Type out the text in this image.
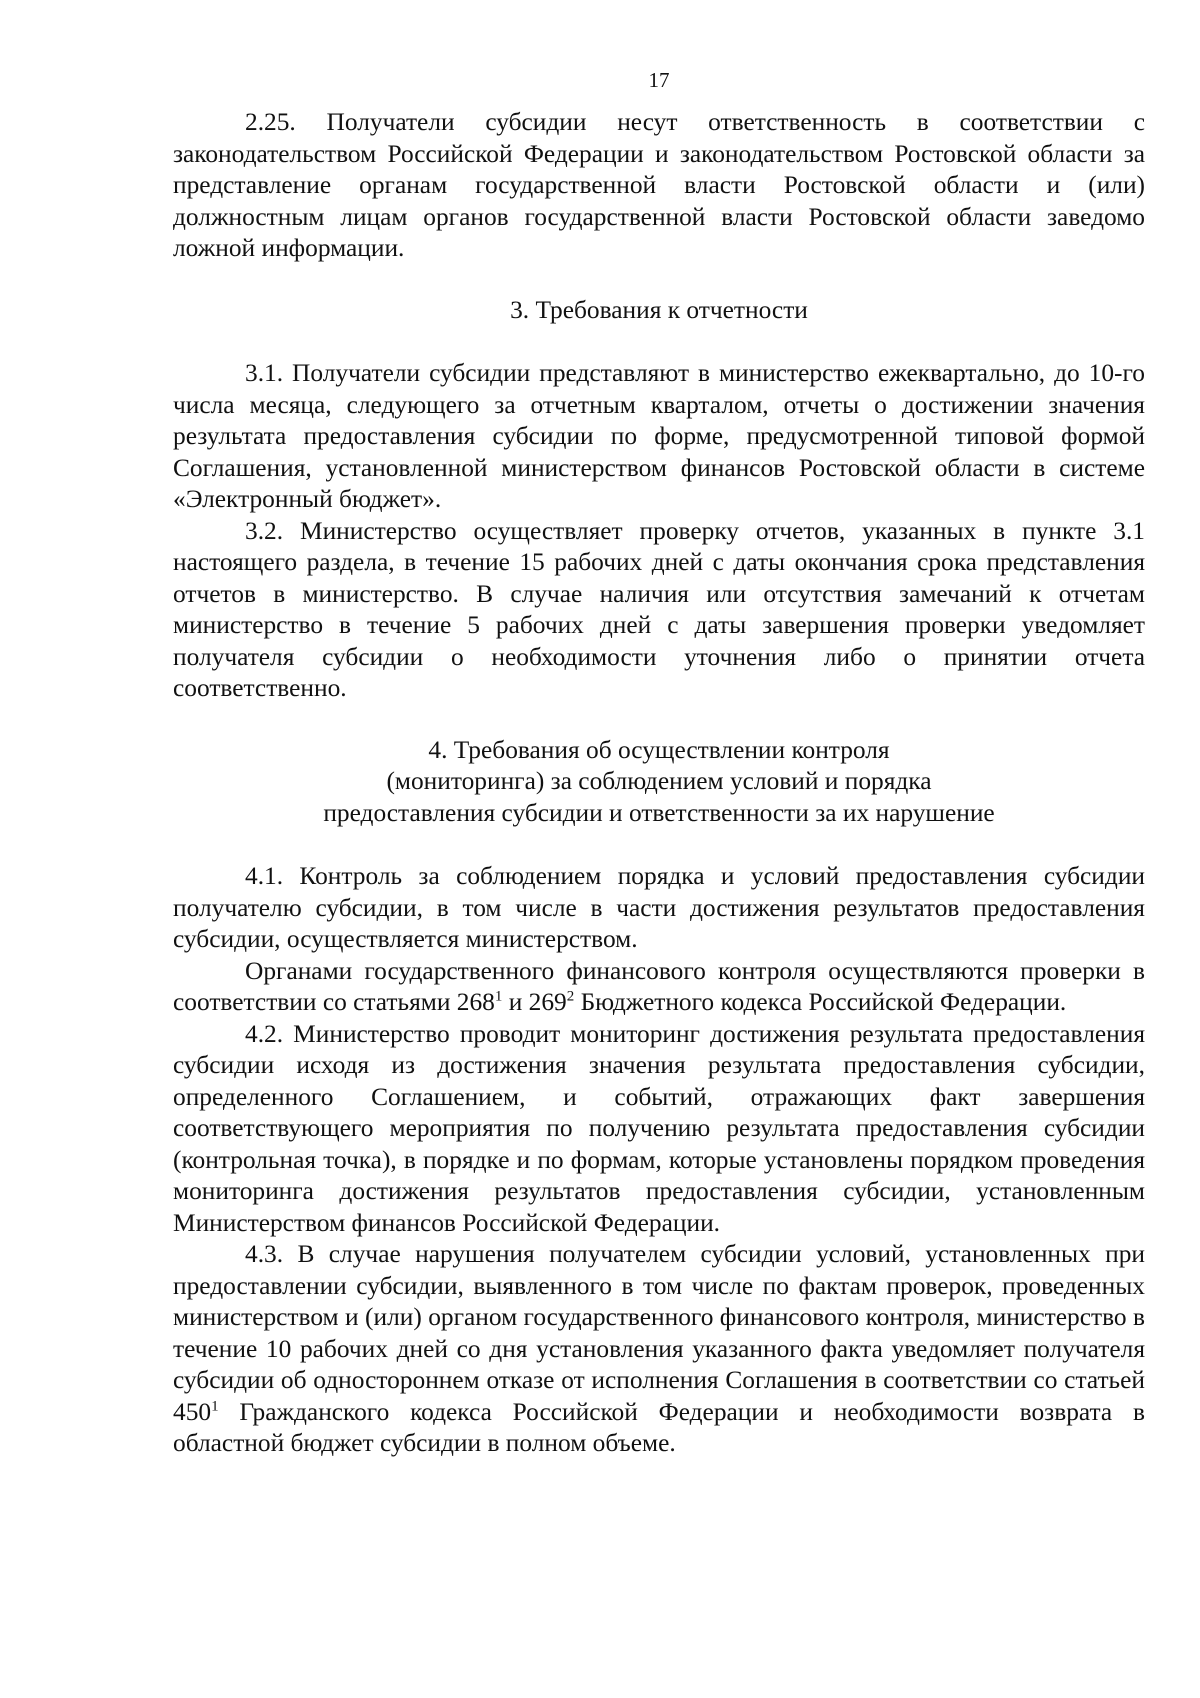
17

2.25. Получатели субсидии несут ответственность в соответствии с законодательством Российской Федерации и законодательством Ростовской области за представление органам государственной власти Ростовской области и (или) должностным лицам органов государственной власти Ростовской области заведомо ложной информации.

3. Требования к отчетности

3.1. Получатели субсидии представляют в министерство ежеквартально, до 10-го числа месяца, следующего за отчетным кварталом, отчеты о достижении значения результата предоставления субсидии по форме, предусмотренной типовой формой Соглашения, установленной министерством финансов Ростовской области в системе «Электронный бюджет».

3.2. Министерство осуществляет проверку отчетов, указанных в пункте 3.1 настоящего раздела, в течение 15 рабочих дней с даты окончания срока представления отчетов в министерство. В случае наличия или отсутствия замечаний к отчетам министерство в течение 5 рабочих дней с даты завершения проверки уведомляет получателя субсидии о необходимости уточнения либо о принятии отчета соответственно.

4. Требования об осуществлении контроля

(мониторинга) за соблюдением условий и порядка

предоставления субсидии и ответственности за их нарушение

4.1. Контроль за соблюдением порядка и условий предоставления субсидии получателю субсидии, в том числе в части достижения результатов предоставления субсидии, осуществляется министерством.

Органами государственного финансового контроля осуществляются проверки в соответствии со статьями $268^1$ и $269^2$ Бюджетного кодекса Российской Федерации.

4.2. Министерство проводит мониторинг достижения результата предоставления субсидии исходя из достижения значения результата предоставления субсидии, определенного Соглашением, и событий, отражающих факт завершения соответствующего мероприятия по получению результата предоставления субсидии (контрольная точка), в порядке и по формам, которые установлены порядком проведения мониторинга достижения результатов предоставления субсидии, установленным Министерством финансов Российской Федерации.

4.3. В случае нарушения получателем субсидии условий, установленных при предоставлении субсидии, выявленного в том числе по фактам проверок, проведенных министерством и (или) органом государственного финансового контроля, министерство в течение 10 рабочих дней со дня установления указанного факта уведомляет получателя субсидии об одностороннем отказе от исполнения Соглашения в соответствии со статьей $450^1$ Гражданского кодекса Российской Федерации и необходимости возврата в областной бюджет субсидии в полном объеме.
